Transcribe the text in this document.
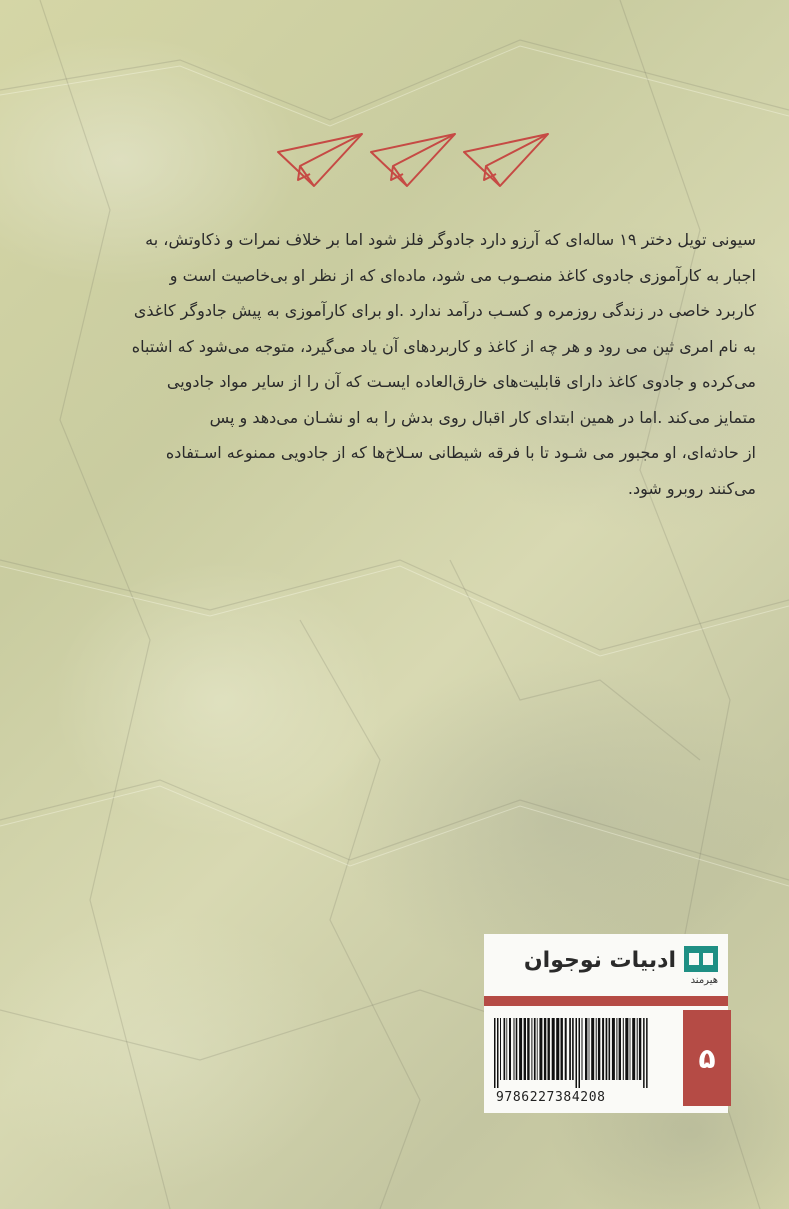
سیونی تویل دختر ۱۹ ساله‌ای که آرزو دارد جادوگر فلز شود اما بر خلاف نمرات و ذکاوتش، به
اجبار به کارآموزی جادوی کاغذ منصـوب می شود، ماده‌ای که از نظر او بی‌خاصیت است و
کاربرد خاصی در زندگی روزمره و کسـب درآمد ندارد .او برای کارآموزی به پیش جادوگر کاغذی
به نام امری ثین می رود و هر چه از کاغذ و کاربردهای آن یاد می‌گیرد، متوجه می‌شود که اشتباه
می‌کرده و جادوی کاغذ دارای قابلیت‌های خارق‌العاده ایسـت که آن را از سایر مواد جادویی
متمایز می‌کند .اما در همین ابتدای کار اقبال روی بدش را به او نشـان می‌دهد و پس
از حادثه‌ای، او مجبور می شـود تا با فرقه شیطانی سـلاخ‌ها که از جادویی ممنوعه اسـتفاده
می‌کنند روبرو شود.
ادبیات نوجوان
هیرمند
9786227384208
۵
